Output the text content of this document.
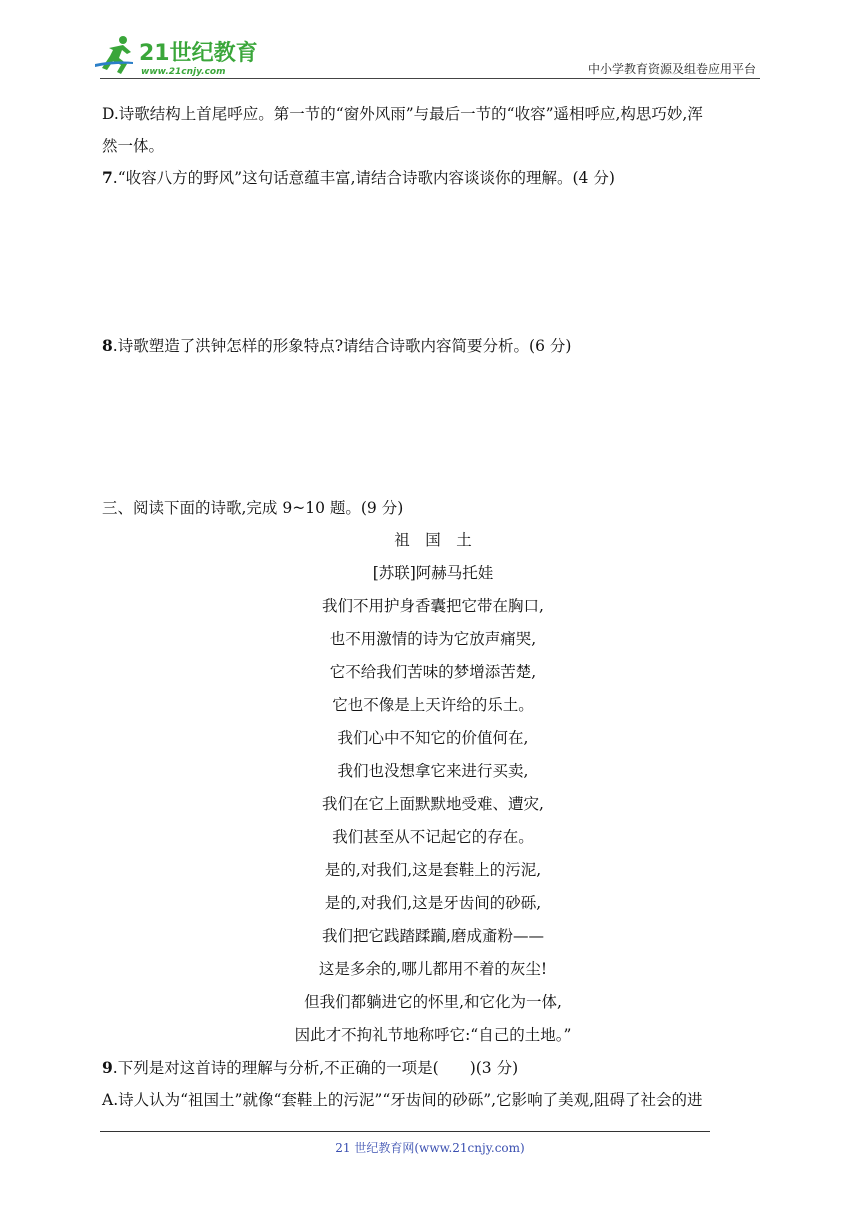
21世纪教育
www.21cnjy.com	中小学教育资源及组卷应用平台

D.诗歌结构上首尾呼应。第一节的“窗外风雨”与最后一节的“收容”遥相呼应,构思巧妙,浑

然一体。

7.“收容八方的野风”这句话意蕴丰富,请结合诗歌内容谈谈你的理解。(4 分)

8.诗歌塑造了洪钟怎样的形象特点?请结合诗歌内容简要分析。(6 分)

三、阅读下面的诗歌,完成 9~10 题。(9 分)

祖　国　土
[苏联]阿赫马托娃
我们不用护身香囊把它带在胸口,
也不用激情的诗为它放声痛哭,
它不给我们苦味的梦增添苦楚,
它也不像是上天许给的乐土。
我们心中不知它的价值何在,
我们也没想拿它来进行买卖,
我们在它上面默默地受难、遭灾,
我们甚至从不记起它的存在。
是的,对我们,这是套鞋上的污泥,
是的,对我们,这是牙齿间的砂砾,
我们把它践踏蹂躏,磨成齑粉——
这是多余的,哪儿都用不着的灰尘!
但我们都躺进它的怀里,和它化为一体,
因此才不拘礼节地称呼它:“自己的土地。”

9.下列是对这首诗的理解与分析,不正确的一项是(　　)(3 分)

A.诗人认为“祖国土”就像“套鞋上的污泥”“牙齿间的砂砾”,它影响了美观,阻碍了社会的进

21 世纪教育网(www.21cnjy.com)
